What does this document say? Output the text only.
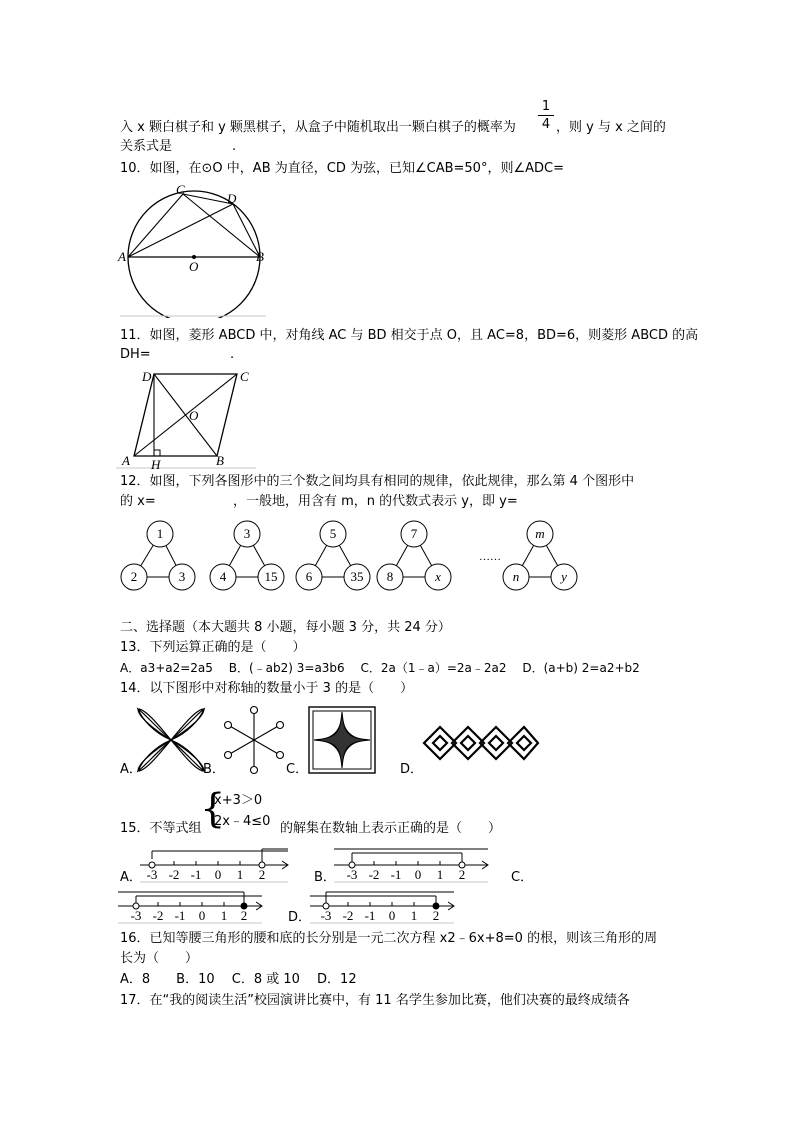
入 x 颗白棋子和 y 颗黑棋子，从盒子中随机取出一颗白棋子的概率为 $\frac{1}{4}$ ，则 y 与 x 之间的
关系式是	.
10．如图，在⊙O 中，AB 为直径，CD 为弦，已知∠CAB=50°，则∠ADC=
A	B
C
D
O
11．如图，菱形 ABCD 中，对角线 AC 与 BD 相交于点 O，且 AC=8，BD=6，则菱形 ABCD 的高
DH=	.
A	B
C
D
O
H
12．如图，下列各图形中的三个数之间均具有相同的规律，依此规律，那么第 4 个图形中
的 x=	，一般地，用含有 m，n 的代数式表示 y，即 y=
1
2	3
3
4	15
5
6	35
7
8	x
……
m
n	y
二、选择题（本大题共 8 小题，每小题 3 分，共 24 分）
13．下列运算正确的是（　　）
A．a3+a2=2a5　 B．(﹣ab2) 3=a3b6　 C．2a（1﹣a）=2a﹣2a2　 D．(a+b) 2=a2+b2
14．以下图形中对称轴的数量小于 3 的是（　　）
A．	B．	C．	D．
{
x+3＞0
2x﹣4≤0
15．不等式组	的解集在数轴上表示正确的是（　　）
A．	B．	C．
D．
-3 -2 -1 0 1 2	-3 -2 -1 0 1 2
-3 -2 -1 0 1 2	-3 -2 -1 0 1 2
16．已知等腰三角形的腰和底的长分别是一元二次方程 x2﹣6x+8=0 的根，则该三角形的周
长为（　　）
A．8　　B．10　 C．8 或 10　 D．12
17．在“我的阅读生活”校园演讲比赛中，有 11 名学生参加比赛，他们决赛的最终成绩各
